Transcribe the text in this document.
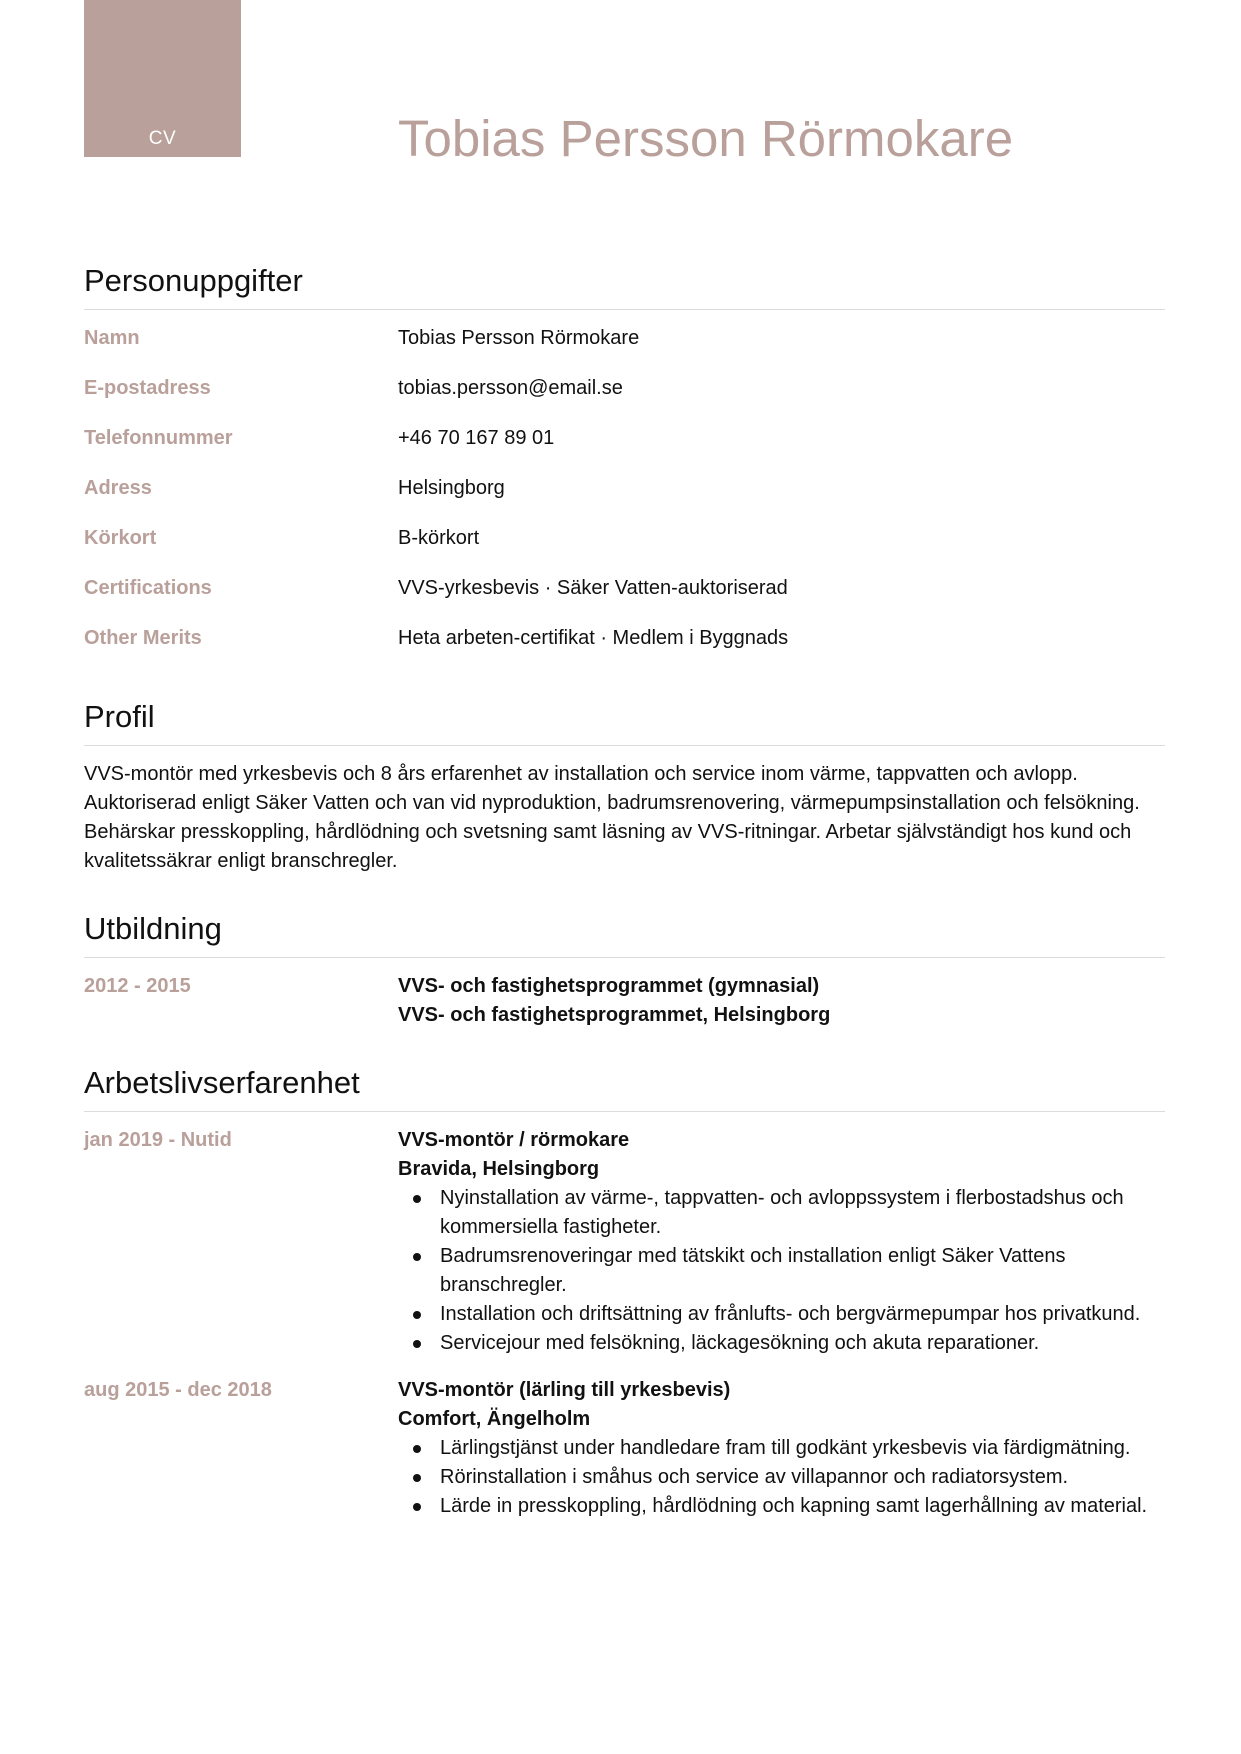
CV	Tobias Persson Rörmokare
Personuppgifter
Namn	Tobias Persson Rörmokare
E-postadress	tobias.persson@email.se
Telefonnummer	+46 70 167 89 01
Adress	Helsingborg
Körkort	B-körkort
Certifications	VVS-yrkesbevis · Säker Vatten-auktoriserad
Other Merits	Heta arbeten-certifikat · Medlem i Byggnads
Profil

VVS-montör med yrkesbevis och 8 års erfarenhet av installation och service inom värme, tappvatten och avlopp. Auktoriserad enligt Säker Vatten och van vid nyproduktion, badrumsrenovering, värmepumpsinstallation och felsökning. Behärskar presskoppling, hårdlödning och svetsning samt läsning av VVS-ritningar. Arbetar självständigt hos kund och kvalitetssäkrar enligt branschregler.

Utbildning
2012 - 2015	VVS- och fastighetsprogrammet (gymnasial)
VVS- och fastighetsprogrammet, Helsingborg
Arbetslivserfarenhet
jan 2019 - Nutid	VVS-montör / rörmokare
Bravida, Helsingborg
Nyinstallation av värme-, tappvatten- och avloppssystem i flerbostadshus och kommersiella fastigheter.
Badrumsrenoveringar med tätskikt och installation enligt Säker Vattens branschregler.
Installation och driftsättning av frånlufts- och bergvärmepumpar hos privatkund.
Servicejour med felsökning, läckagesökning och akuta reparationer.
aug 2015 - dec 2018	VVS-montör (lärling till yrkesbevis)
Comfort, Ängelholm
Lärlingstjänst under handledare fram till godkänt yrkesbevis via färdigmätning.
Rörinstallation i småhus och service av villapannor och radiatorsystem.
Lärde in presskoppling, hårdlödning och kapning samt lagerhållning av material.
